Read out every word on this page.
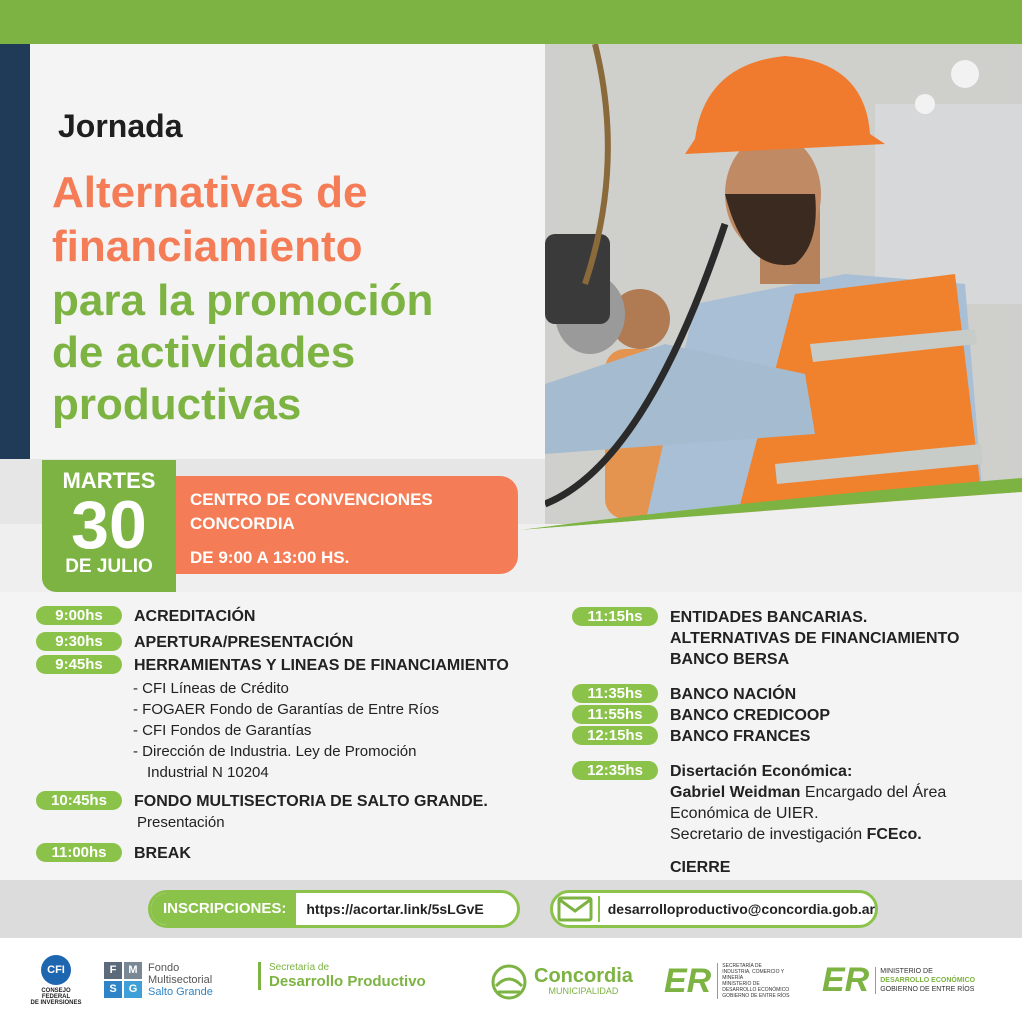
Jornada
Alternativas de
financiamiento
para la promoción
de actividades
productivas
MARTES
30
DE JULIO
CENTRO DE CONVENCIONES
CONCORDIA
DE 9:00 A 13:00 HS.
9:00hs	ACREDITACIÓN
9:30hs	APERTURA/PRESENTACIÓN
9:45hs	HERRAMIENTAS Y LINEAS DE FINANCIAMIENTO
- CFI Líneas de Crédito
- FOGAER Fondo de Garantías de Entre Ríos
- CFI Fondos de Garantías
- Dirección de Industria. Ley de Promoción
Industrial N 10204
10:45hs	FONDO MULTISECTORIA DE SALTO GRANDE.
Presentación
11:00hs	BREAK
11:15hs	ENTIDADES BANCARIAS.
ALTERNATIVAS DE FINANCIAMIENTO
BANCO BERSA
11:35hs	BANCO NACIÓN
11:55hs	BANCO CREDICOOP
12:15hs	BANCO FRANCES
12:35hs	Disertación Económica:
Gabriel Weidman Encargado del Área
Económica de UIER.
Secretario de investigación FCEco.
CIERRE
INSCRIPCIONES:	https://acortar.link/5sLGvE	desarrolloproductivo@concordia.gob.ar
CFI
CONSEJO FEDERAL
DE INVERSIONES
F	M
S	G
Fondo
Multisectorial
Salto Grande
Secretaría de
Desarrollo Productivo	Concordia
MUNICIPALIDAD	ER SECRETARÍA DE
INDUSTRIA, COMERCIO Y
MINERÍA
MINISTERIO DE
DESARROLLO ECONÓMICO
GOBIERNO DE ENTRE RÍOS ER MINISTERIO DE
DESARROLLO ECONÓMICO
GOBIERNO DE ENTRE RÍOS
